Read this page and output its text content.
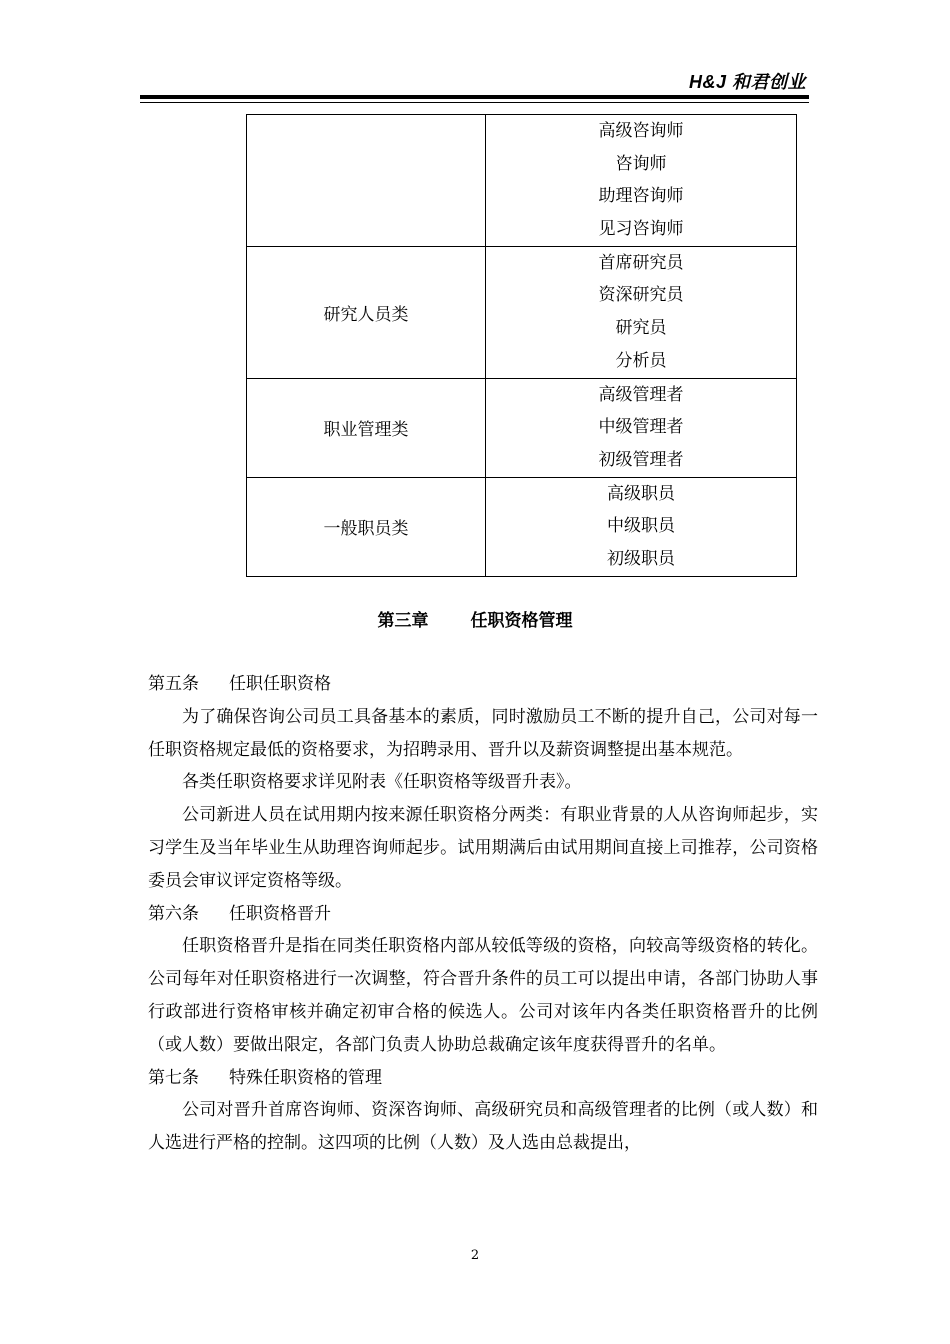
H&J 和君创业

	高级咨询师
咨询师
助理咨询师
见习咨询师

研究人员类	首席研究员
资深研究员
研究员
分析员

职业管理类	高级管理者
中级管理者
初级管理者

一般职员类	高级职员
中级职员
初级职员
第三章 任职资格管理

第五条 任职任职资格

为了确保咨询公司员工具备基本的素质，同时激励员工不断的提升自己，公司对每一任职资格规定最低的资格要求，为招聘录用、晋升以及薪资调整提出基本规范。

各类任职资格要求详见附表《任职资格等级晋升表》。

公司新进人员在试用期内按来源任职资格分两类：有职业背景的人从咨询师起步，实习学生及当年毕业生从助理咨询师起步。试用期满后由试用期间直接上司推荐，公司资格委员会审议评定资格等级。

第六条 任职资格晋升

任职资格晋升是指在同类任职资格内部从较低等级的资格，向较高等级资格的转化。公司每年对任职资格进行一次调整，符合晋升条件的员工可以提出申请，各部门协助人事行政部进行资格审核并确定初审合格的候选人。公司对该年内各类任职资格晋升的比例（或人数）要做出限定，各部门负责人协助总裁确定该年度获得晋升的名单。

第七条 特殊任职资格的管理

公司对晋升首席咨询师、资深咨询师、高级研究员和高级管理者的比例（或人数）和人选进行严格的控制。这四项的比例（人数）及人选由总裁提出，

2
